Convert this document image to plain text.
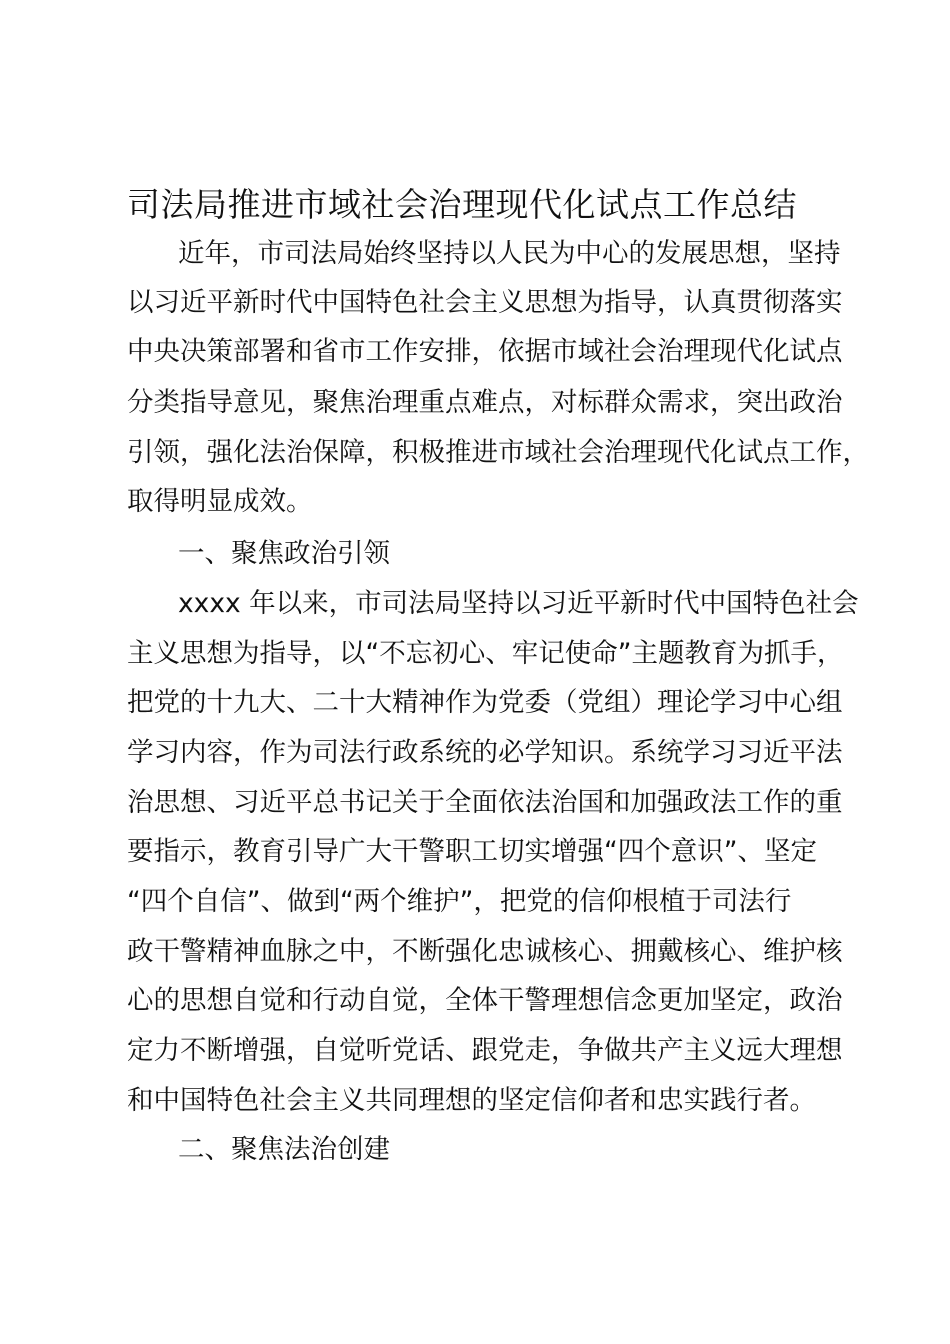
司法局推进市域社会治理现代化试点工作总结

近年，市司法局始终坚持以人民为中心的发展思想，坚持

以习近平新时代中国特色社会主义思想为指导，认真贯彻落实

中央决策部署和省市工作安排，依据市域社会治理现代化试点

分类指导意见，聚焦治理重点难点，对标群众需求，突出政治

引领，强化法治保障，积极推进市域社会治理现代化试点工作，

取得明显成效。

一、聚焦政治引领

xxxx 年以来，市司法局坚持以习近平新时代中国特色社会

主义思想为指导，以“不忘初心、牢记使命”主题教育为抓手，

把党的十九大、二十大精神作为党委（党组）理论学习中心组

学习内容，作为司法行政系统的必学知识。系统学习习近平法

治思想、习近平总书记关于全面依法治国和加强政法工作的重

要指示，教育引导广大干警职工切实增强“四个意识”、坚定

“四个自信”、做到“两个维护”，把党的信仰根植于司法行

政干警精神血脉之中，不断强化忠诚核心、拥戴核心、维护核

心的思想自觉和行动自觉，全体干警理想信念更加坚定，政治

定力不断增强，自觉听党话、跟党走，争做共产主义远大理想

和中国特色社会主义共同理想的坚定信仰者和忠实践行者。

二、聚焦法治创建
